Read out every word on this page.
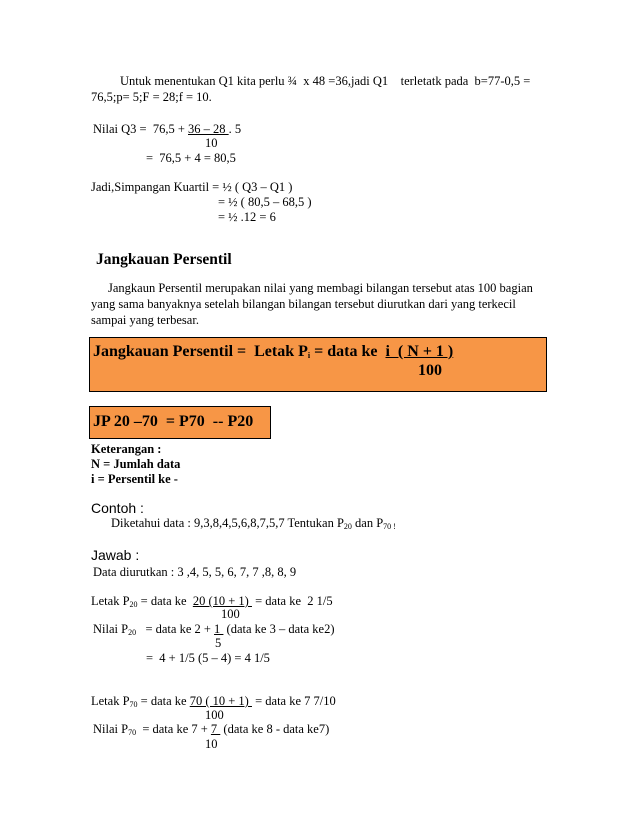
Untuk menentukan Q1 kita perlu ¾  x 48 =36,jadi Q1    terletatk pada  b=77-0,5 =
76,5;p= 5;F = 28;f = 10.
Nilai Q3 =  76,5 + 36 – 28 . 5
10
=  76,5 + 4 = 80,5
Jadi,Simpangan Kuartil = ½ ( Q3 – Q1 )
= ½ ( 80,5 – 68,5 )
= ½ .12 = 6
Jangkauan Persentil
Jangkaun Persentil merupakan nilai yang membagi bilangan tersebut atas 100 bagian
yang sama banyaknya setelah bilangan bilangan tersebut diurutkan dari yang terkecil
sampai yang terbesar.
Jangkauan Persentil =  Letak $P_i$ = data ke  i  ( N + 1 )
100
JP 20 –70  = P70  -- P20
Keterangan :
N = Jumlah data
i = Persentil ke -
Contoh :
Diketahui data : 9,3,8,4,5,6,8,7,5,7 Tentukan $P_{20}$ dan $P_{70 !}$
Jawab :
Data diurutkan : 3 ,4, 5, 5, 6, 7, 7 ,8, 8, 9
Letak $P_{20}$ = data ke  20 (10 + 1)  = data ke  2 1/5
100
Nilai $P_{20}$   = data ke 2 + 1  (data ke 3 – data ke2)
5
=  4 + 1/5 (5 – 4) = 4 1/5
Letak $P_{70}$ = data ke 70 ( 10 + 1)  = data ke 7 7/10
100
Nilai $P_{70}$  = data ke 7 + 7  (data ke 8 - data ke7)
10
